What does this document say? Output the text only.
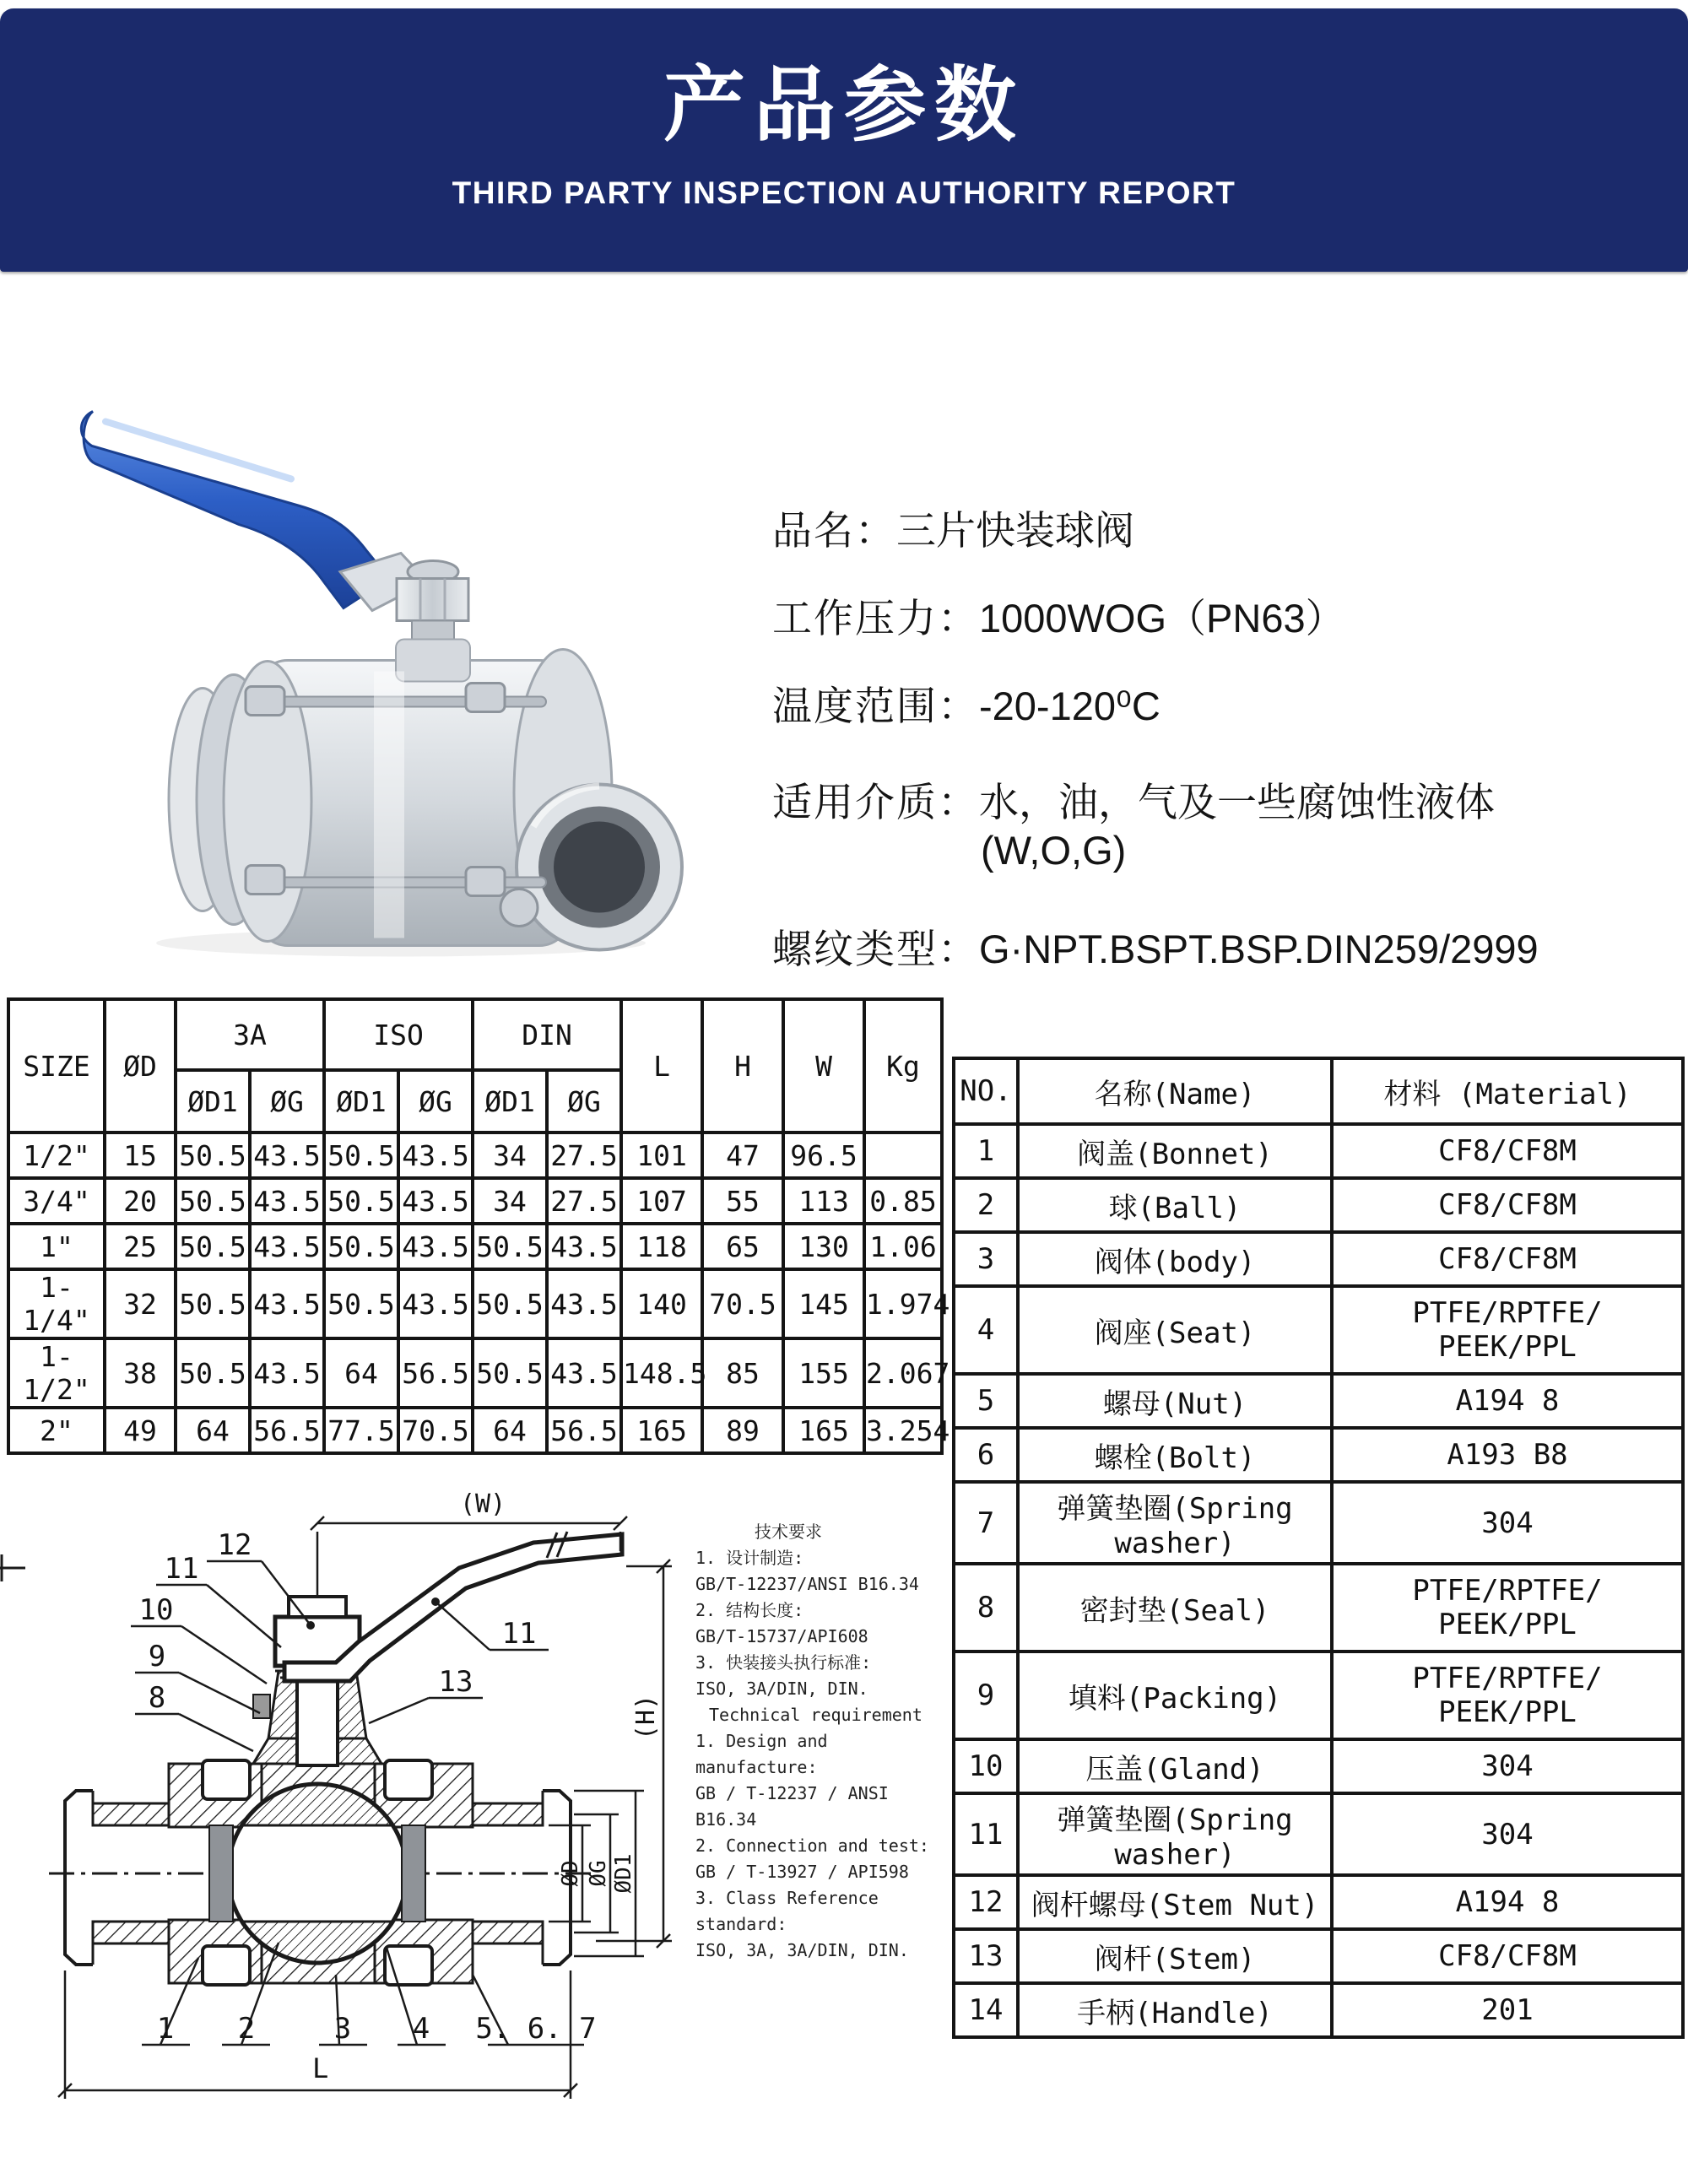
产品参数
THIRD PARTY INSPECTION AUTHORITY REPORT
品名：三片快装球阀
工作压力：1000WOG（PN63）
温度范围：-20-120⁰C
适用介质：水，油，气及一些腐蚀性液体
(W,O,G)
螺纹类型：G·NPT.BSPT.BSP.DIN259/2999
SIZE	ØD	3A		ISO		DIN		L	H	W	Kg
		ØD1	ØG	ØD1	ØG	ØD1	ØG				
1/2"	15	50.5	43.5	50.5	43.5	34	27.5	101	47	96.5	
3/4"	20	50.5	43.5	50.5	43.5	34	27.5	107	55	113	0.85
1"	25	50.5	43.5	50.5	43.5	50.5	43.5	118	65	130	1.06
1-1/4"	32	50.5	43.5	50.5	43.5	50.5	43.5	140	70.5	145	1.974
1-1/2"	38	50.5	43.5	64	56.5	50.5	43.5	148.5	85	155	2.067
2"	49	64	56.5	77.5	70.5	64	56.5	165	89	165	3.254
NO.	名称(Name)	材料 (Material)
1	阀盖(Bonnet)	CF8/CF8M
2	球(Ball)	CF8/CF8M
3	阀体(body)	CF8/CF8M
4	阀座(Seat)	PTFE/RPTFE/ PEEK/PPL
5	螺母(Nut)	A194 8
6	螺栓(Bolt)	A193 B8
7	弹簧垫圈(Spring washer)	304
8	密封垫(Seal)	PTFE/RPTFE/ PEEK/PPL
9	填料(Packing)	PTFE/RPTFE/ PEEK/PPL
10	压盖(Gland)	304
11	弹簧垫圈(Spring washer)	304
12	阀杆螺母(Stem Nut)	A194 8
13	阀杆(Stem)	CF8/CF8M
14	手柄(Handle)	201
(W)
(H)
L
ØD ØG ØD1
12
11
10
9
8
11
13
1 2	3 4 5. 6. 7
技术要求
1. 设计制造:
GB/T-12237/ANSI B16.34
2. 结构长度:
GB/T-15737/API608
3. 快装接头执行标准:
ISO, 3A/DIN, DIN.
Technical requirement
1. Design and manufacture:
GB / T-12237 / ANSI B16.34
2. Connection and test:
GB / T-13927 / API598
3. Class Reference standard:
ISO, 3A, 3A/DIN, DIN.
